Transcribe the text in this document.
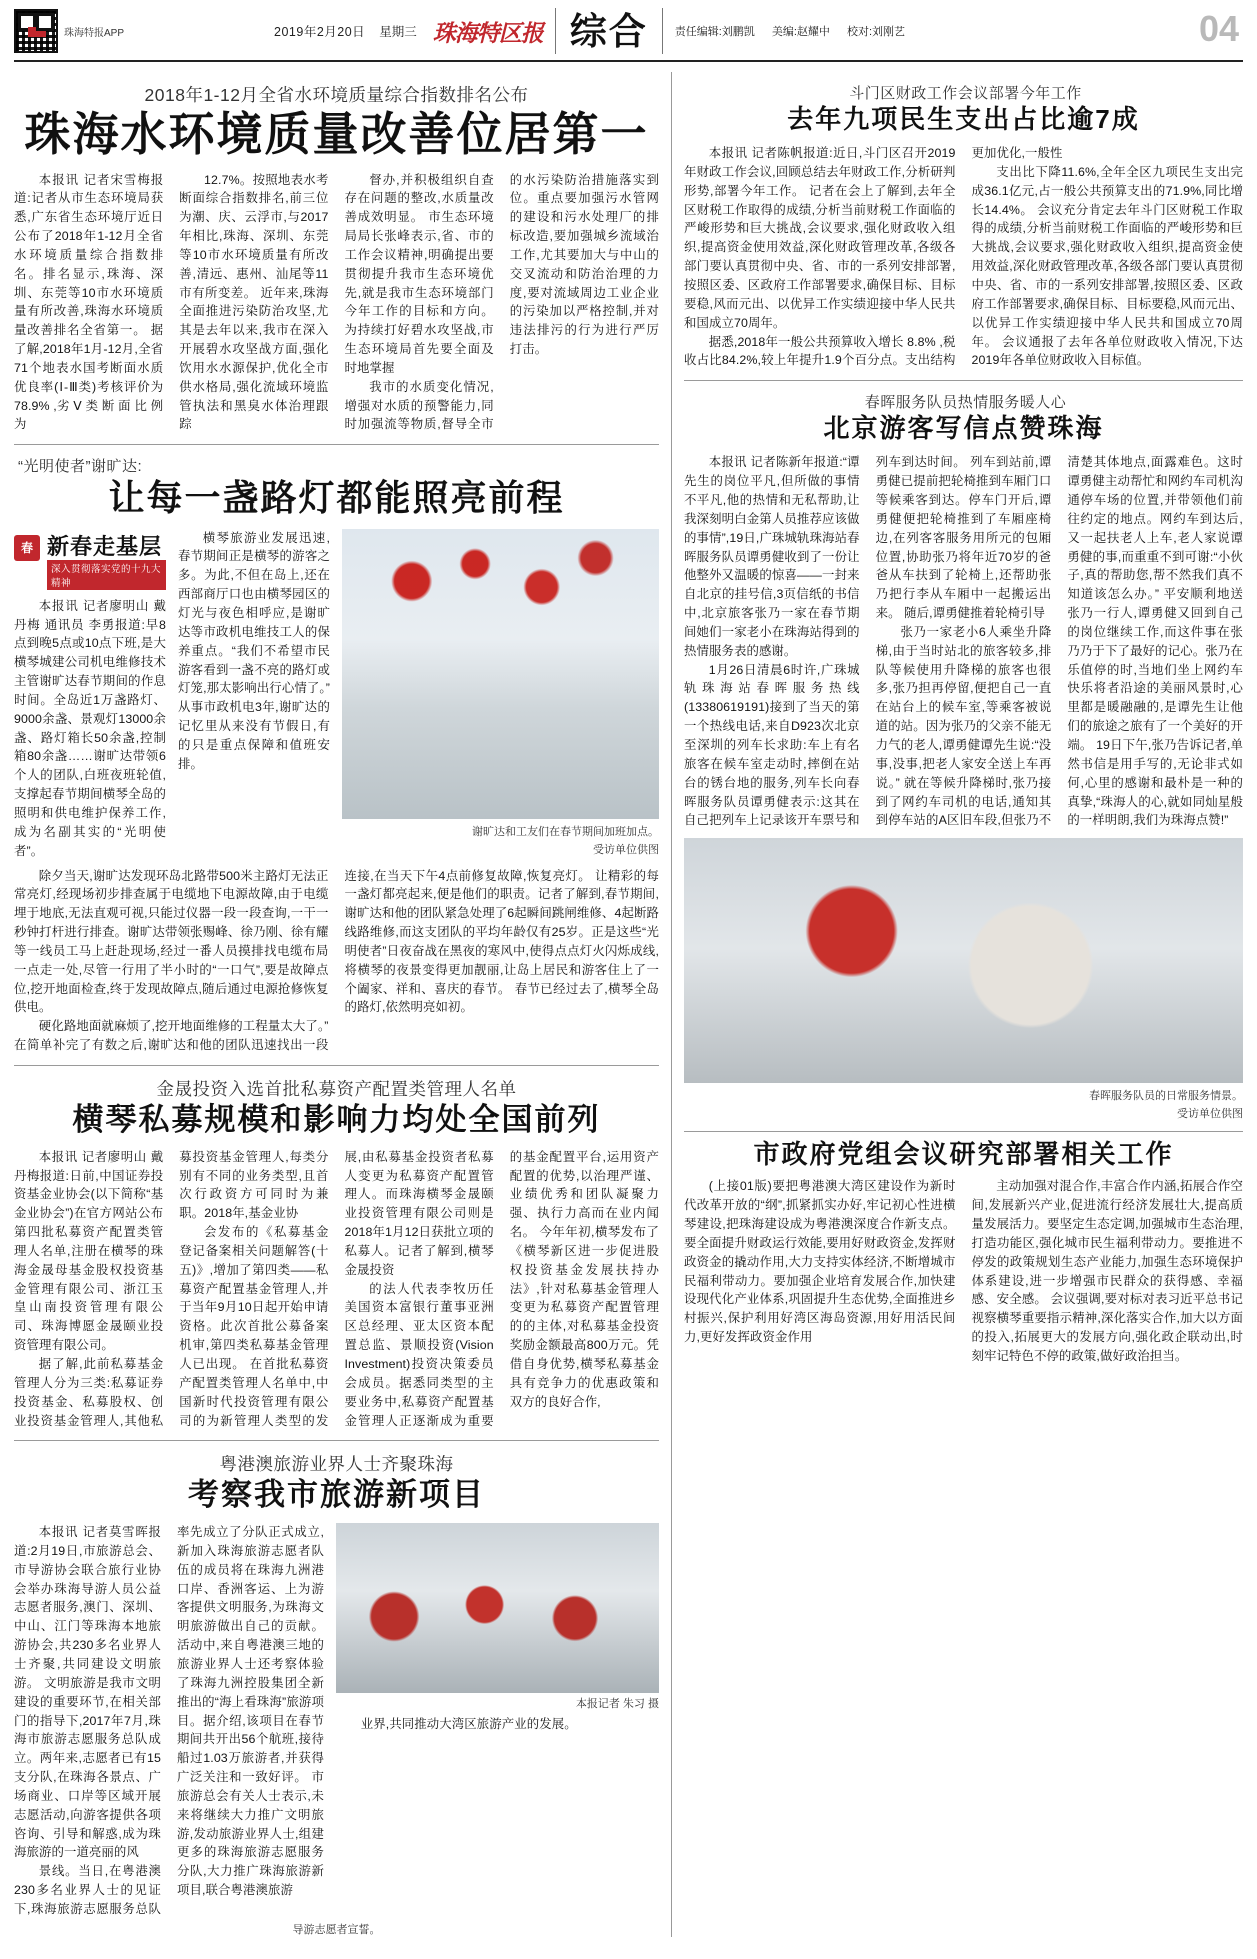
珠海特报APP	2019年2月20日 星期三 珠海特区报 综合 责任编辑:刘鹏凯 美编:赵耀中 校对:刘刚艺	04
2018年1-12月全省水环境质量综合指数排名公布
珠海水环境质量改善位居第一

本报讯 记者宋雪梅报道:记者从市生态环境局获悉,广东省生态环境厅近日公布了2018年1-12月全省水环境质量综合指数排名。排名显示,珠海、深圳、东莞等10市水环境质量有所改善,珠海水环境质量改善排名全省第一。 据了解,2018年1月-12月,全省71个地表水国考断面水质优良率(Ⅰ-Ⅲ类)考核评价为78.9% ,劣 Ⅴ 类 断 面 比 例 为

12.7%。按照地表水考断面综合指数排名,前三位为潮、庆、云浮市,与2017年相比,珠海、深圳、东莞等10市水环境质量有所改善,清远、惠州、汕尾等11市有所变差。 近年来,珠海全面推进污染防治攻坚,尤其是去年以来,我市在深入开展碧水攻坚战方面,强化饮用水水源保护,优化全市供水格局,强化流域环境监管执法和黑臭水体治理跟踪

督办,并积极组织自查存在问题的整改,水质量改善成效明显。 市生态环境局局长张峰表示,省、市的工作会议精神,明确提出要贯彻提升我市生态环境优先,就是我市生态环境部门今年工作的目标和方向。为持续打好碧水攻坚战,市生态环境局首先要全面及时地掌握

我市的水质变化情况,增强对水质的预警能力,同时加强流等物质,督导全市的水污染防治措施落实到位。重点要加强污水管网的建设和污水处理厂的排标改造,要加强城乡流域治工作,尤其要加大与中山的交叉流动和防治治理的力度,要对流域周边工业企业的污染加以严格控制,并对违法排污的行为进行严厉打击。

“光明使者”谢旷达:
让每一盏路灯都能照亮前程
春 新春走基层
深入贯彻落实党的十九大精神

本报讯 记者廖明山 戴丹梅 通讯员 李勇报道:早8点到晚5点或10点下班,是大横琴城建公司机电维修技术主管谢旷达春节期间的作息时间。全岛近1万盏路灯、9000余盏、景观灯13000余盏、路灯箱长50余盏,控制箱80余盏……谢旷达带领6个人的团队,白班夜班轮值,支撑起春节期间横琴全岛的照明和供电维护保养工作,成为名副其实的“光明使者”。

横琴旅游业发展迅速,春节期间正是横琴的游客之多。为此,不但在岛上,还在西部商厅口也由横琴园区的灯光与夜色相呼应,是谢旷达等市政机电维技工人的保养重点。“我们不希望市民游客看到一盏不亮的路灯或灯笼,那太影响出行心情了。”从事市政机电3年,谢旷达的记忆里从来没有节假日,有的只是重点保障和值班安排。

谢旷达和工友们在春节期间加班加点。
受访单位供图

除夕当天,谢旷达发现环岛北路带500米主路灯无法正常亮灯,经现场初步排查属于电缆地下电源故障,由于电缆埋于地底,无法直观可视,只能过仪器一段一段查询,一干一秒钟打杆进行排查。谢旷达带领张赐峰、徐乃刚、徐有耀等一线员工马上赶赴现场,经过一番人员摸排找电缆布局一点走一处,尽管一行用了半小时的“一口气”,要是故障点位,挖开地面检查,终于发现故障点,随后通过电源抢修恢复供电。

硬化路地面就麻烦了,挖开地面维修的工程量太大了。”在简单补完了有数之后,谢旷达和他的团队迅速找出一段连接,在当天下午4点前修复故障,恢复亮灯。 让精彩的每一盏灯都亮起来,便是他们的职责。记者了解到,春节期间,谢旷达和他的团队紧急处理了6起瞬间跳闸维修、4起断路线路维修,而这支团队的平均年龄仅有25岁。正是这些“光明使者”日夜奋战在黑夜的寒风中,使得点点灯火闪烁成线,将横琴的夜景变得更加靓丽,让岛上居民和游客住上了一个阖家、祥和、喜庆的春节。 春节已经过去了,横琴全岛的路灯,依然明亮如初。

金晟投资入选首批私募资产配置类管理人名单
横琴私募规模和影响力均处全国前列

本报讯 记者廖明山 戴丹梅报道:日前,中国证券投资基金业协会(以下简称“基金业协会”)在官方网站公布第四批私募资产配置类管理人名单,注册在横琴的珠海金晟母基金股权投资基金管理有限公司、浙江玉皇山南投资管理有限公司、珠海博愿金晟颐业投资管理有限公司。

据了解,此前私募基金管理人分为三类:私募证券投资基金、私募股权、创业投资基金管理人,其他私募投资基金管理人,每类分别有不同的业务类型,且首次行政资方可同时为兼职。2018年,基金业协

会发布的《私募基金登记备案相关问题解答(十五)》,增加了第四类——私募资产配置基金管理人,并于当年9月10日起开始申请资格。此次首批公募备案机审,第四类私募基金管理人已出现。 在首批私募资产配置类管理人名单中,中国新时代投资管理有限公司的为新管理人类型的发展,由私募基金投资者私募人变更为私募资产配置管理人。而珠海横琴金晟颐业投资管理有限公司则是2018年1月12日获批立项的私募人。记者了解到,横琴金晟投资

的法人代表李牧历任美国资本富银行董事亚洲区总经理、亚太区资本配置总监、景顺投资(Vision Investment)投资决策委员会成员。据悉同类型的主要业务中,私募资产配置基金管理人正逐渐成为重要的基金配置平台,运用资产配置的优势,以治理严谨、业绩优秀和团队凝聚力强、执行力高而在业内闻名。 今年年初,横琴发布了《横琴新区进一步促进股权投资基金发展扶持办法》,针对私募基金管理人变更为私募资产配置管理的的主体,对私募基金投资奖励金额最高800万元。凭借自身优势,横琴私募基金具有竞争力的优惠政策和双方的良好合作,

粤港澳旅游业界人士齐聚珠海
考察我市旅游新项目

本报讯 记者莫雪晖报道:2月19日,市旅游总会、市导游协会联合旅行业协会举办珠海导游人员公益志愿者服务,澳门、深圳、中山、江门等珠海本地旅游协会,共230多名业界人士齐聚,共同建设文明旅游。 文明旅游是我市文明建设的重要环节,在相关部门的指导下,2017年7月,珠海市旅游志愿服务总队成立。两年来,志愿者已有15支分队,在珠海各景点、广场商业、口岸等区域开展志愿活动,向游客提供各项咨询、引导和解惑,成为珠海旅游的一道亮丽的风

景线。当日,在粤港澳230多名业界人士的见证下,珠海旅游志愿服务总队率先成立了分队正式成立,新加入珠海旅游志愿者队伍的成员将在珠海九洲港口岸、香洲客运、上为游客提供文明服务,为珠海文明旅游做出自己的贡献。 活动中,来自粤港澳三地的旅游业界人士还考察体验了珠海九洲控股集团全新推出的“海上看珠海”旅游项目。据介绍,该项目在春节期间共开出56个航班,接待船过1.03万旅游者,并获得广泛关注和一致好评。 市旅游总会有关人士表示,未来将继续大力推广文明旅游,发动旅游业界人士,组建更多的珠海旅游志愿服务分队,大力推广珠海旅游新项目,联合粤港澳旅游

本报记者 朱习 摄

业界,共同推动大湾区旅游产业的发展。

导游志愿者宣誓。
斗门区财政工作会议部署今年工作
去年九项民生支出占比逾7成

本报讯 记者陈帆报道:近日,斗门区召开2019年财政工作会议,回顾总结去年财政工作,分析研判形势,部署今年工作。 记者在会上了解到,去年全区财税工作取得的成绩,分析当前财税工作面临的严峻形势和巨大挑战,会议要求,强化财政收入组织,提高资金使用效益,深化财政管理改革,各级各部门要认真贯彻中央、省、市的一系列安排部署,按照区委、区政府工作部署要求,确保目标、目标要稳,风而元出、以优异工作实绩迎接中华人民共和国成立70周年。

据悉,2018年一般公共预算收入增长 8.8% ,税收占比84.2%,较上年提升1.9个百分点。支出结构更加优化,一般性

支出比下降11.6%,全年全区九项民生支出完成36.1亿元,占一般公共预算支出的71.9%,同比增长14.4%。 会议充分肯定去年斗门区财税工作取得的成绩,分析当前财税工作面临的严峻形势和巨大挑战,会议要求,强化财政收入组织,提高资金使用效益,深化财政管理改革,各级各部门要认真贯彻中央、省、市的一系列安排部署,按照区委、区政府工作部署要求,确保目标、目标要稳,风而元出、以优异工作实绩迎接中华人民共和国成立70周年。 会议通报了去年各单位财政收入情况,下达2019年各单位财政收入目标值。

春晖服务队员热情服务暖人心
北京游客写信点赞珠海

本报讯 记者陈新年报道:“谭先生的岗位平凡,但所做的事情不平凡,他的热情和无私帮助,让我深刻明白金第人员推荐应该做的事情”,19日,广珠城轨珠海站春晖服务队员谭勇健收到了一份让他整外又温暖的惊喜——一封来自北京的挂号信,3页信纸的书信中,北京旅客张乃一家在春节期间她们一家老小在珠海站得到的热情服务表的感谢。

1月26日清晨6时许,广珠城轨珠海站春晖服务热线(13380619191)接到了当天的第一个热线电话,来自D923次北京至深圳的列车长求助:车上有名旅客在候车室走动时,摔倒在站台的锈台地的服务,列车长向春晖服务队员谭勇健表示:这其在自己把列车上记录该开车票号和列车到达时间。 列车到站前,谭勇健已提前把轮椅推到车厢门口等候乘客到达。停车门开后,谭勇健便把轮椅推到了车厢座椅边,在列客客服务用所元的包厢位置,协助张乃将年近70岁的爸爸从车扶到了轮椅上,还帮助张乃把行李从车厢中一起搬运出来。 随后,谭勇健推着轮椅引导

张乃一家老小6人乘坐升降梯,由于当时站北的旅客较多,排队等候使用升降梯的旅客也很多,张乃担再停留,便把自己一直在站台上的候车室,等乘客被说道的站。因为张乃的父亲不能无力气的老人,谭勇健谭先生说:“没事,没事,把老人家安全送上车再说。” 就在等候升降梯时,张乃接到了网约车司机的电话,通知其到停车站的A区旧车段,但张乃不清楚其体地点,面露难色。这时谭勇健主动帮忙和网约车司机沟通停车场的位置,并带领他们前往约定的地点。网约车到达后,又一起扶老人上车,老人家说谭勇健的事,而重重不到可谢:“小伙子,真的帮助您,帮不然我们真不知道该怎么办。” 平安顺利地送张乃一行人,谭勇健又回到自己的岗位继续工作,而这件事在张乃乃于下了最好的记心。张乃在乐值停的时,当地们坐上网约车快乐将者沿途的美丽风景时,心里都是暖融融的,是谭先生让他们的旅途之旅有了一个美好的开端。 19日下午,张乃告诉记者,单然书信是用手写的,无论非式如何,心里的感谢和最朴是一种的真挚,“珠海人的心,就如同灿星般的一样明朗,我们为珠海点赞!”

春晖服务队员的日常服务情景。
受访单位供图
市政府党组会议研究部署相关工作

(上接01版)要把粤港澳大湾区建设作为新时代改革开放的“纲”,抓紧抓实办好,牢记初心性进横琴建设,把珠海建设成为粤港澳深度合作新支点。要全面提升财政运行效能,要用好财政资金,发挥财政资金的撬动作用,大力支持实体经济,不断增城市民福利带动力。要加强企业培育发展合作,加快建设现代化产业体系,巩固提升生态优势,全面推进乡村振兴,保护利用好湾区海岛资源,用好用活民间力,更好发挥政资金作用

主动加强对混合作,丰富合作内涵,拓展合作空间,发展新兴产业,促进流行经济发展壮大,提高质量发展活力。要坚定生态定调,加强城市生态治理,打造功能区,强化城市民生福利带动力。要推进不停发的政策规划生态产业能力,加强生态环境保护体系建设,进一步增强市民群众的获得感、幸福感、安全感。 会议强调,要对标对表习近平总书记视察横琴重要指示精神,深化落实合作,加大以方面的投入,拓展更大的发展方向,强化政企联动出,时刻牢记特色不停的政策,做好政治担当。
